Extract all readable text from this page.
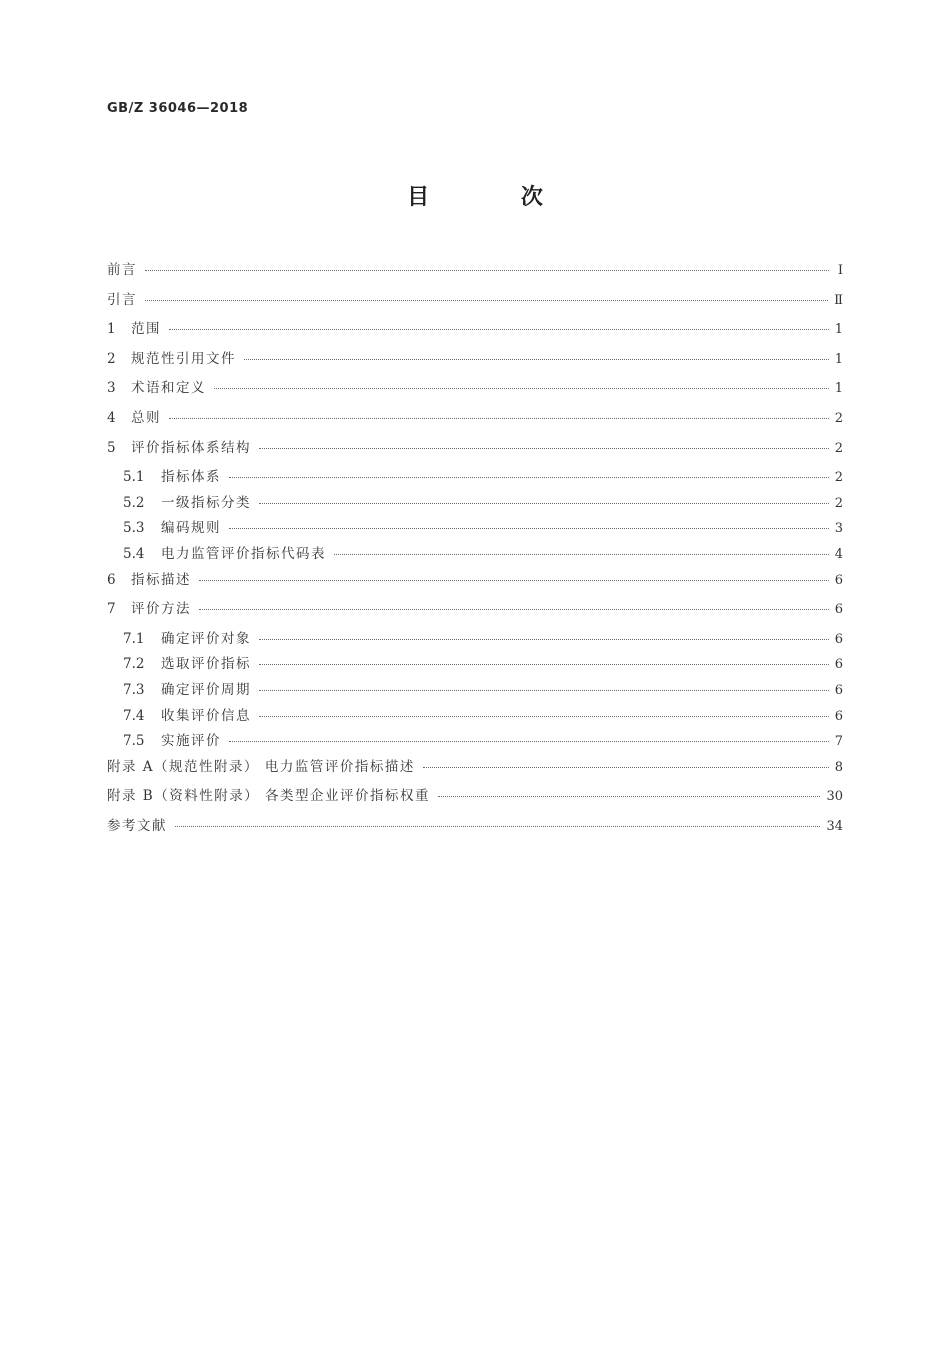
GB/Z 36046—2018
目 次
前言	Ⅰ
引言	Ⅱ
1	范围	1
2	规范性引用文件	1
3	术语和定义	1
4	总则	2
5	评价指标体系结构	2
5.1	指标体系	2
5.2	一级指标分类	2
5.3	编码规则	3
5.4	电力监管评价指标代码表	4
6	指标描述	6
7	评价方法	6
7.1	确定评价对象	6
7.2	选取评价指标	6
7.3	确定评价周期	6
7.4	收集评价信息	6
7.5	实施评价	7
附录 A（规范性附录） 电力监管评价指标描述	8
附录 B（资料性附录） 各类型企业评价指标权重	30
参考文献	34
